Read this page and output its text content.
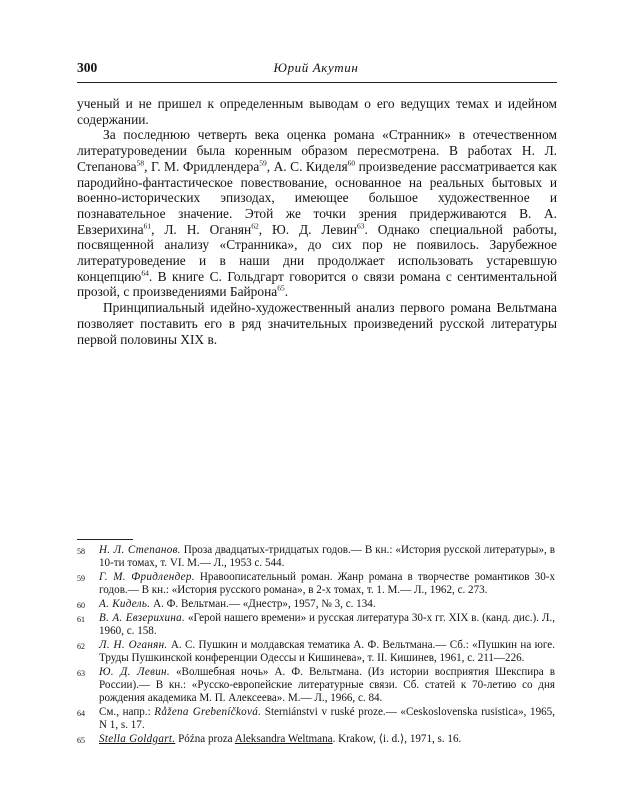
300	Юрий Акутин

ученый и не пришел к определенным выводам о его ведущих темах и идейном содержании.

За последнюю четверть века оценка романа «Странник» в отечественном литературоведении была коренным образом пересмотрена. В работах Н. Л. Степанова$^{58}$, Г. М. Фридлендера$^{59}$, А. С. Киделя$^{60}$ произведение рассматривается как пародийно-фантастическое повествование, основанное на реальных бытовых и военно-исторических эпизодах, имеющее большое художественное и познавательное значение. Этой же точки зрения придерживаются В. А. Евзерихина$^{61}$, Л. Н. Оганян$^{62}$, Ю. Д. Левин$^{63}$. Однако специальной работы, посвященной анализу «Странника», до сих пор не появилось. Зарубежное литературоведение и в наши дни продолжает использовать устаревшую концепцию$^{64}$. В книге С. Гольдгарт говорится о связи романа с сентиментальной прозой, с произведениями Байрона$^{65}$.

Принципиальный идейно-художественный анализ первого романа Вельтмана позволяет поставить его в ряд значительных произведений русской литературы первой половины XIX в.

58	Н. Л. Степанов. Проза двадцатых-тридцатых годов.— В кн.: «История русской литературы», в 10-ти томах, т. VI. М.— Л., 1953 с. 544.
59	Г. М. Фридлендер. Нравоописательный роман. Жанр романа в творчестве романтиков 30-х годов.— В кн.: «История русского романа», в 2-х томах, т. 1. М.— Л., 1962, с. 273.
60	А. Кидель. А. Ф. Вельтман.— «Днестр», 1957, № 3, с. 134.
61	В. А. Евзерихина. «Герой нашего времени» и русская литература 30-х гг. XIX в. (канд. дис.). Л., 1960, с. 158.
62	Л. Н. Оганян. А. С. Пушкин и молдавская тематика А. Ф. Вельтмана.— Сб.: «Пушкин на юге. Труды Пушкинской конференции Одессы и Кишинева», т. II. Кишинев, 1961, с. 211—226.
63	Ю. Д. Левин. «Волшебная ночь» А. Ф. Вельтмана. (Из истории восприятия Шекспира в России).— В кн.: «Русско-европейские литературные связи. Сб. статей к 70-летию со дня рождения академика М. П. Алексеева». М.— Л., 1966, с. 84.
64	См., напр.: Råžena Grebeníčková. Sterniánstvi v ruské proze.— «Ceskoslovenska rusistica», 1965, N 1, s. 17.
65	Stella Goldgart. Późna proza Aleksandra Weltmana. Krakow, ⟨i. d.⟩, 1971, s. 16.
